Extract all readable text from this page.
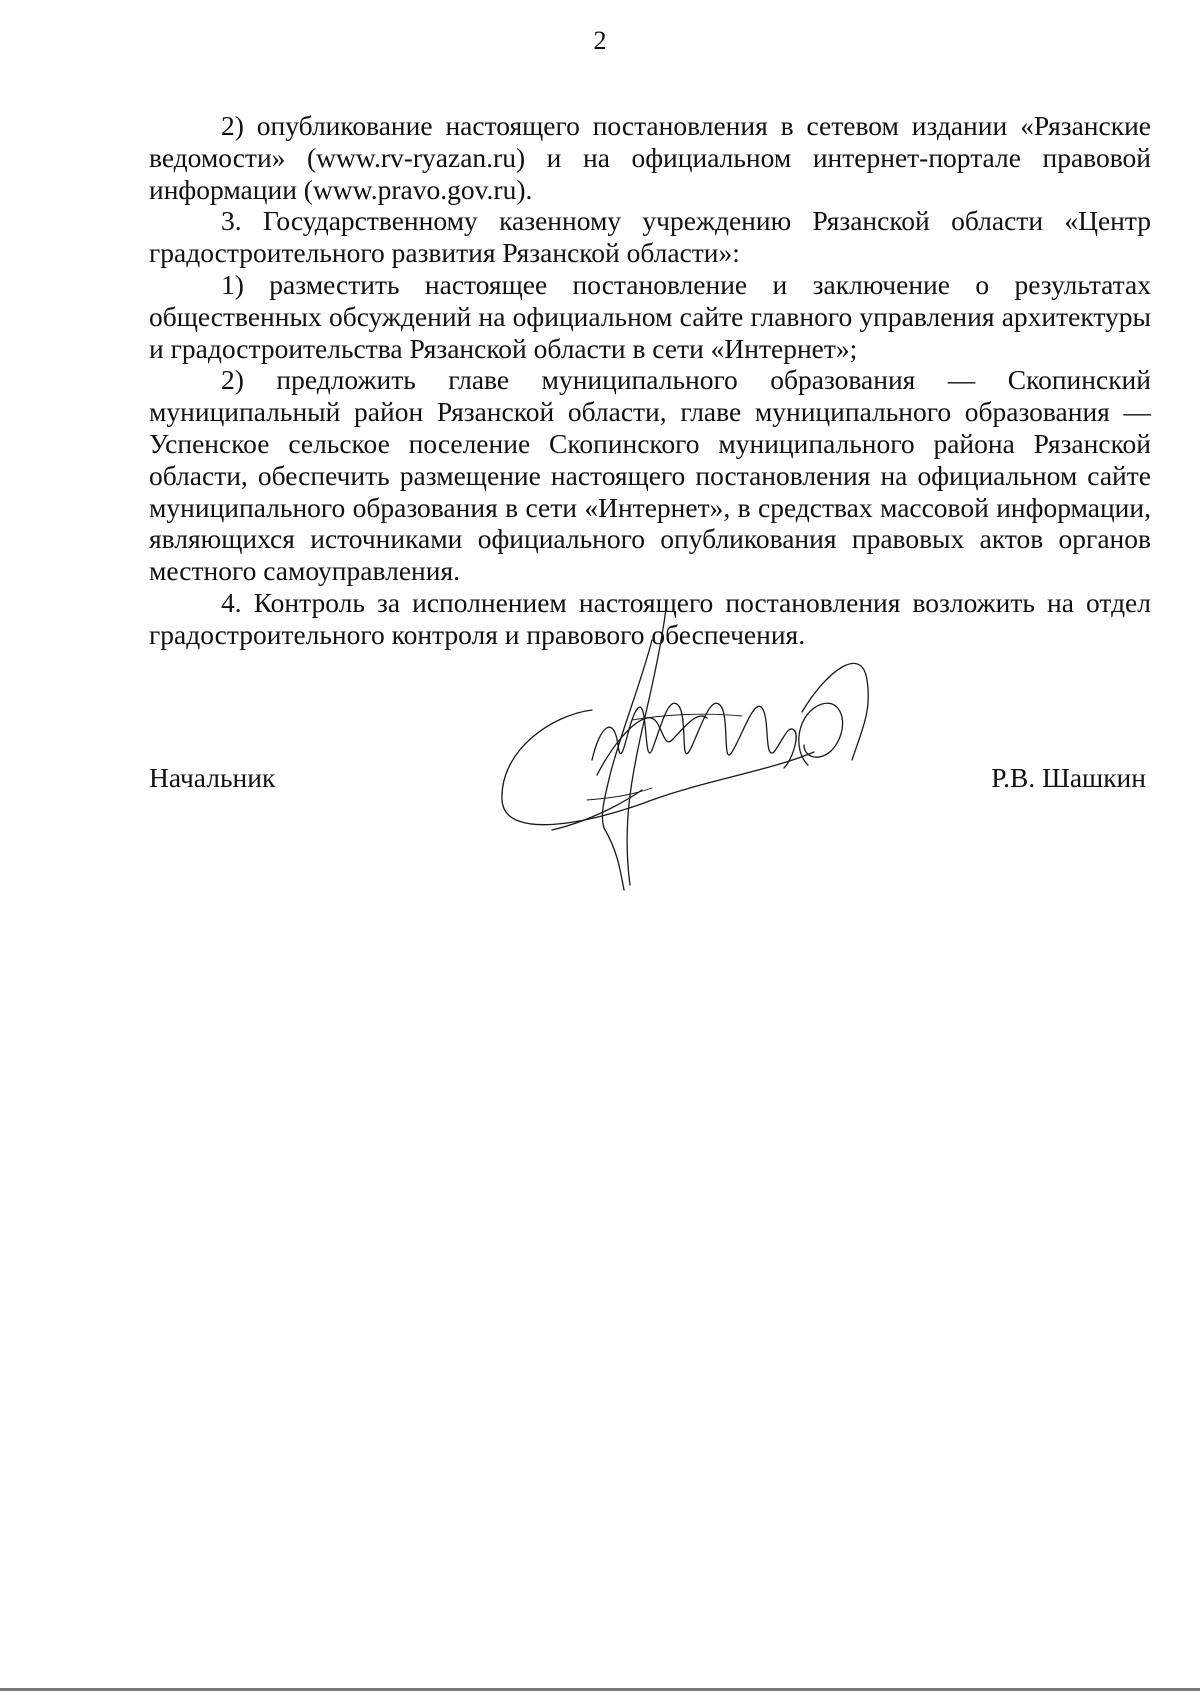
2

2) опубликование настоящего постановления в сетевом издании «Рязанские ведомости» (www.rv-ryazan.ru) и на официальном интернет-портале правовой информации (www.pravo.gov.ru).

3. Государственному казенному учреждению Рязанской области «Центр градостроительного развития Рязанской области»:

1) разместить настоящее постановление и заключение о результатах общественных обсуждений на официальном сайте главного управления архитектуры и градостроительства Рязанской области в сети «Интернет»;

2) предложить главе муниципального образования — Скопинский муниципальный район Рязанской области, главе муниципального образования — Успенское сельское поселение Скопинского муниципального района Рязанской области, обеспечить размещение настоящего постановления на официальном сайте муниципального образования в сети «Интернет», в средствах массовой информации, являющихся источниками официального опубликования правовых актов органов местного самоуправления.

4. Контроль за исполнением настоящего постановления возложить на отдел градостроительного контроля и правового обеспечения.

Начальник	Р.В. Шашкин
